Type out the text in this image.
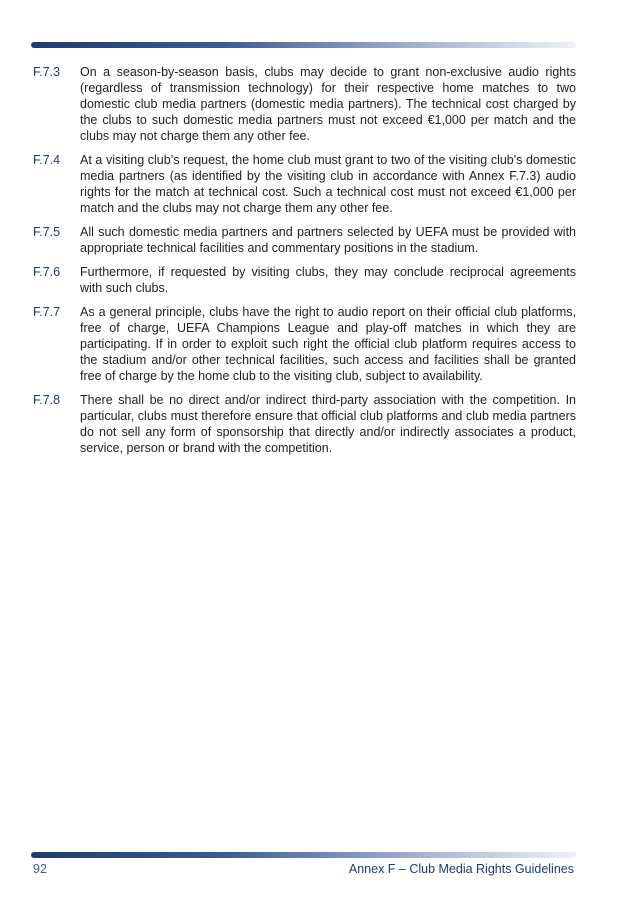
F.7.3	On a season-by-season basis, clubs may decide to grant non-exclusive audio rights (regardless of transmission technology) for their respective home matches to two domestic club media partners (domestic media partners). The technical cost charged by the clubs to such domestic media partners must not exceed €1,000 per match and the clubs may not charge them any other fee.
F.7.4	At a visiting club’s request, the home club must grant to two of the visiting club's domestic media partners (as identified by the visiting club in accordance with Annex F.7.3) audio rights for the match at technical cost. Such a technical cost must not exceed €1,000 per match and the clubs may not charge them any other fee.
F.7.5	All such domestic media partners and partners selected by UEFA must be provided with appropriate technical facilities and commentary positions in the stadium.
F.7.6	Furthermore, if requested by visiting clubs, they may conclude reciprocal agreements with such clubs.
F.7.7	As a general principle, clubs have the right to audio report on their official club platforms, free of charge, UEFA Champions League and play-off matches in which they are participating. If in order to exploit such right the official club platform requires access to the stadium and/or other technical facilities, such access and facilities shall be granted free of charge by the home club to the visiting club, subject to availability.
F.7.8	There shall be no direct and/or indirect third-party association with the competition. In particular, clubs must therefore ensure that official club platforms and club media partners do not sell any form of sponsorship that directly and/or indirectly associates a product, service, person or brand with the competition.
92	Annex F – Club Media Rights Guidelines
